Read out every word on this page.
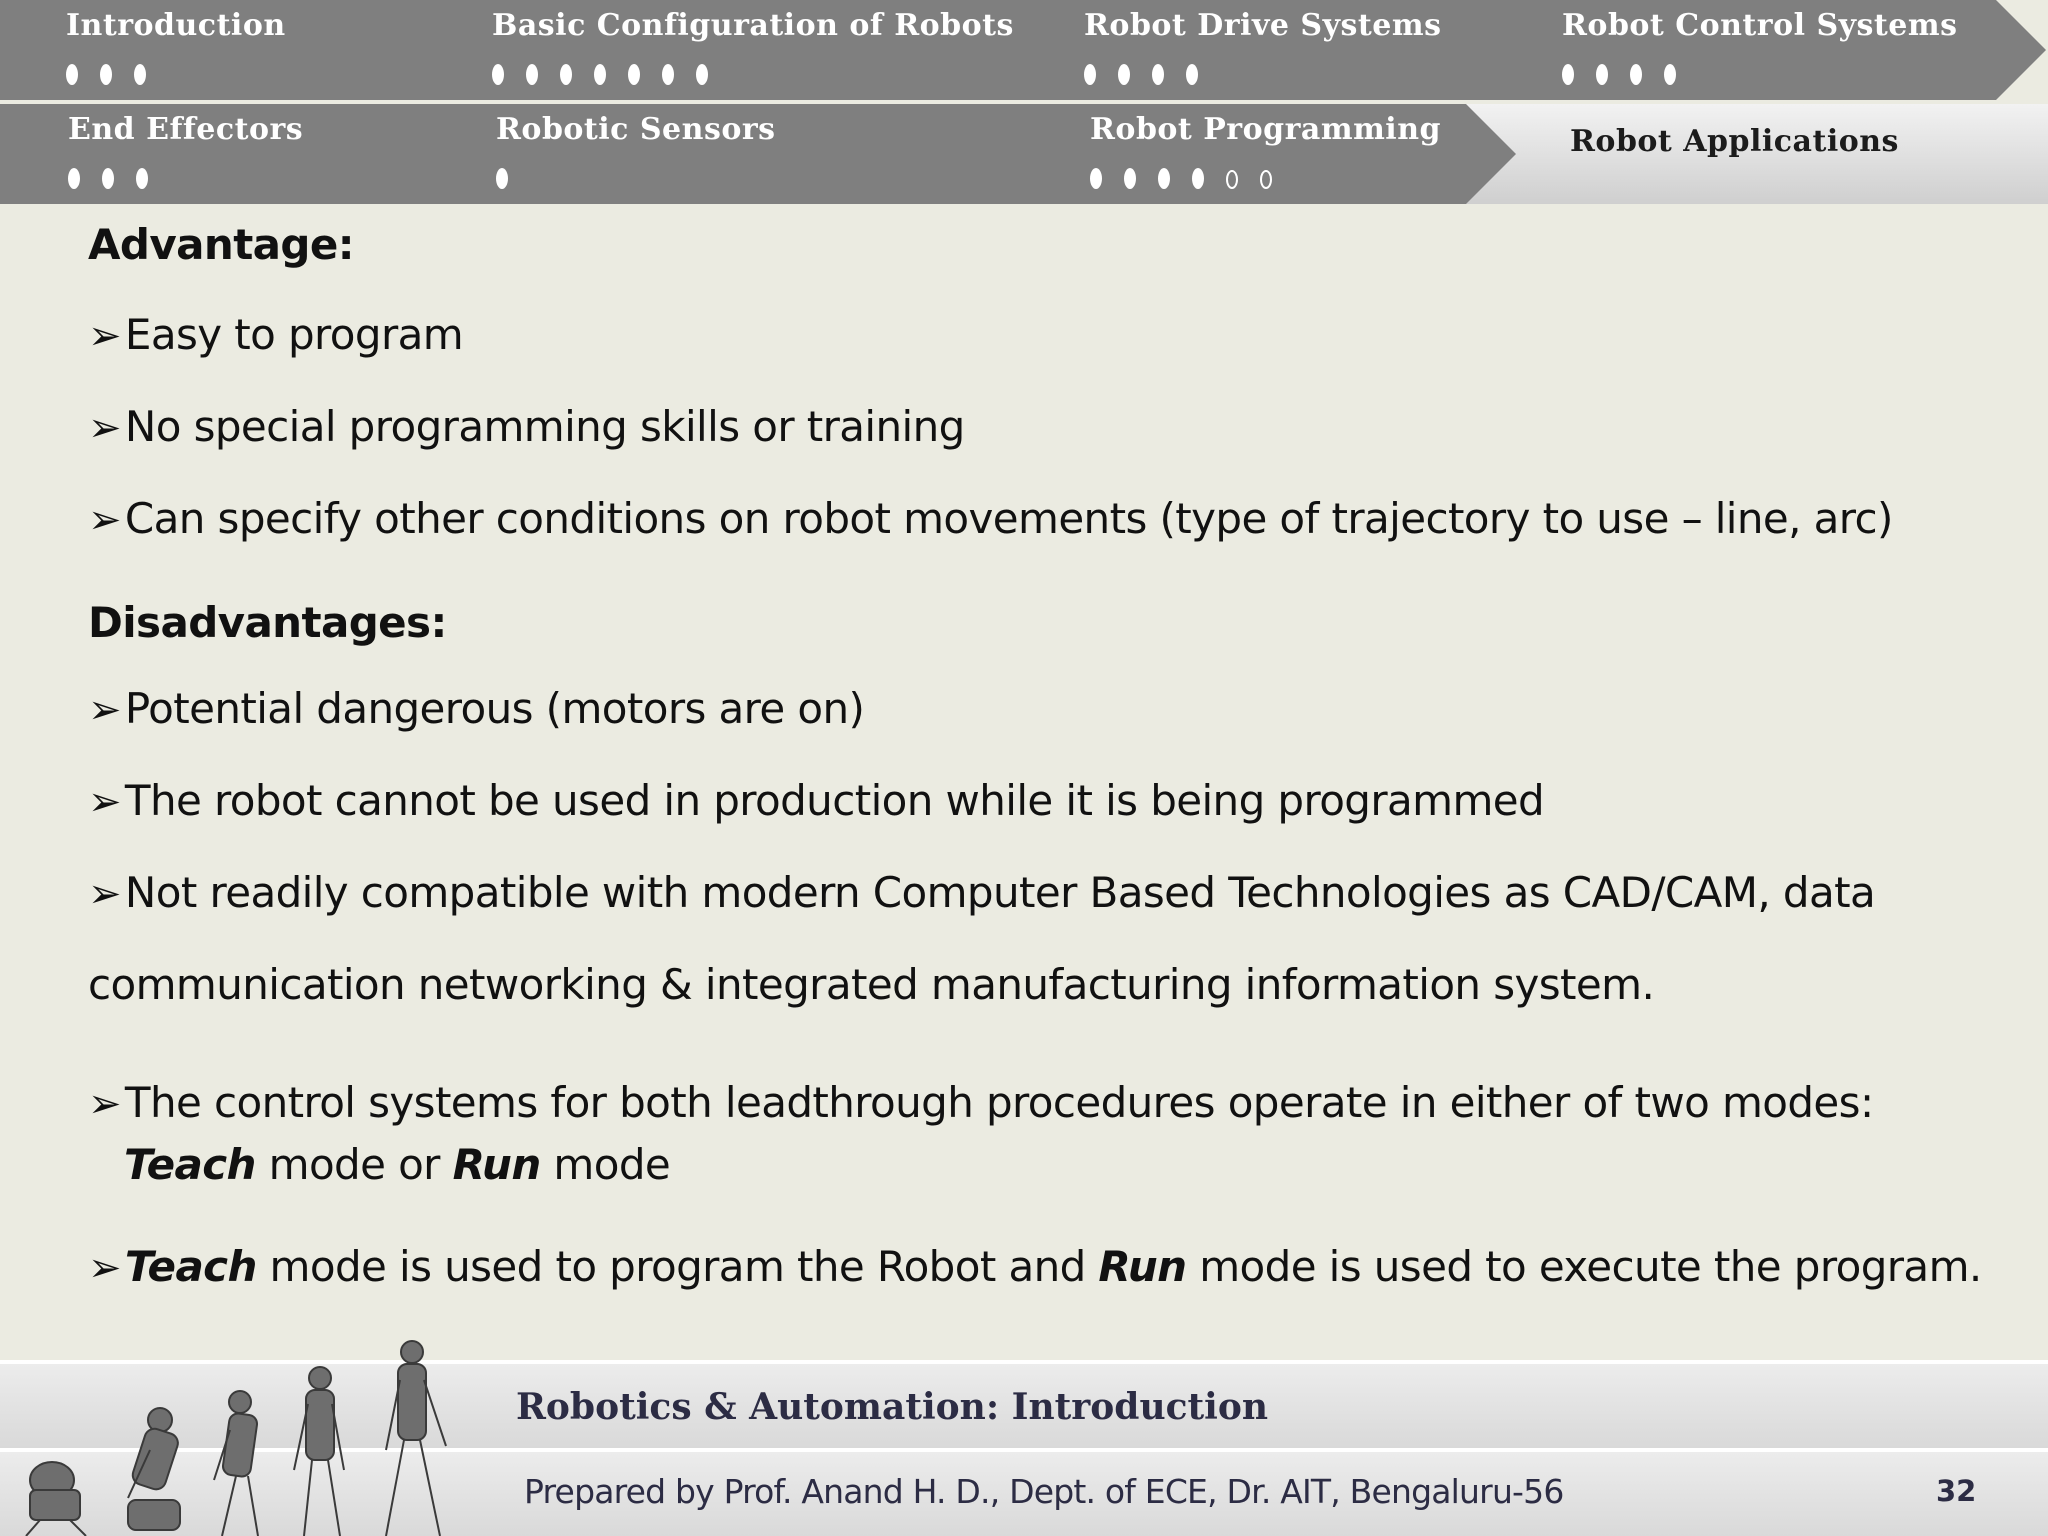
Introduction	Basic Configuration of Robots Robot Drive Systems	Robot Control Systems
End Effectors	Robotic Sensors	Robot Programming	Robot Applications
Advantage:
➢Easy to program
➢No special programming skills or training
➢Can specify other conditions on robot movements (type of trajectory to use – line, arc)
Disadvantages:
➢Potential dangerous (motors are on)
➢The robot cannot be used in production while it is being programmed
➢Not readily compatible with modern Computer Based Technologies as CAD/CAM, data
communication networking & integrated manufacturing information system.
➢The control systems for both leadthrough procedures operate in either of two modes:
Teach mode or Run mode
➢Teach mode is used to program the Robot and Run mode is used to execute the program.
Robotics & Automation: Introduction
Prepared by Prof. Anand H. D., Dept. of ECE, Dr. AIT, Bengaluru-56	32
